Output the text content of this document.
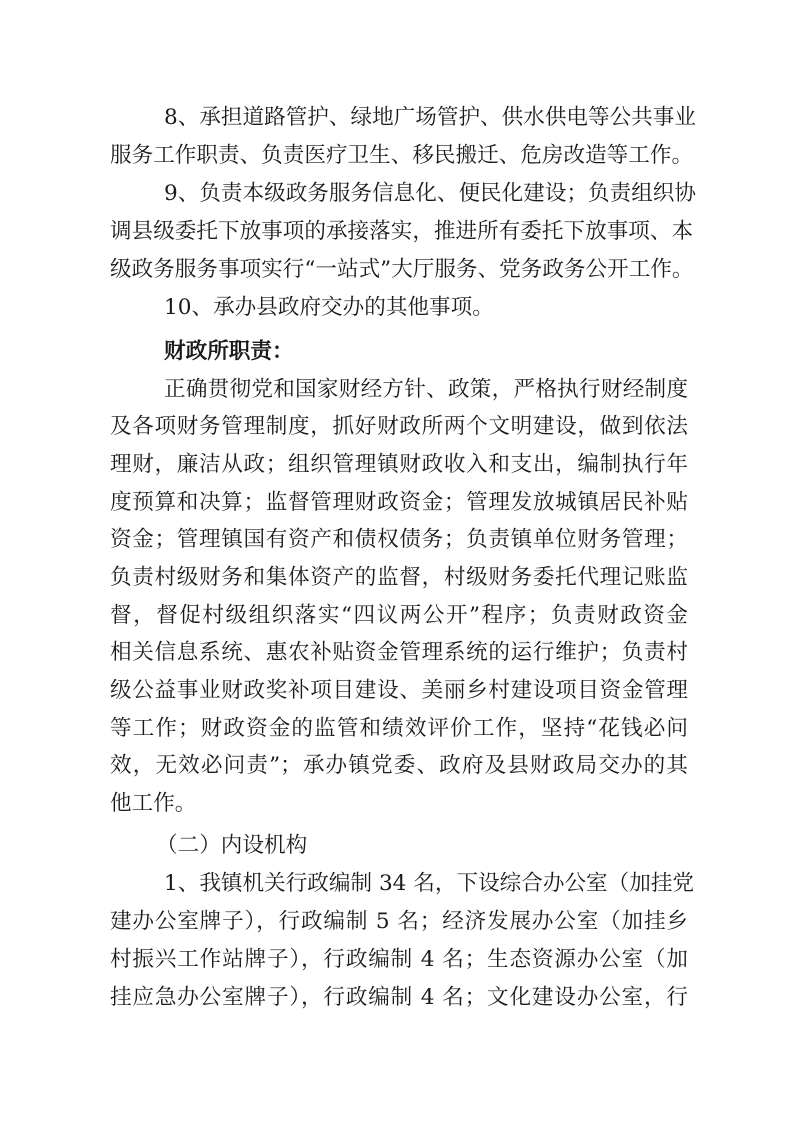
8、承担道路管护、绿地广场管护、供水供电等公共事业

服务工作职责、负责医疗卫生、移民搬迁、危房改造等工作。

9、负责本级政务服务信息化、便民化建设；负责组织协

调县级委托下放事项的承接落实，推进所有委托下放事项、本

级政务服务事项实行“一站式”大厅服务、党务政务公开工作。

10、承办县政府交办的其他事项。

财政所职责：

正确贯彻党和国家财经方针、政策，严格执行财经制度

及各项财务管理制度，抓好财政所两个文明建设，做到依法

理财，廉洁从政；组织管理镇财政收入和支出，编制执行年

度预算和决算；监督管理财政资金；管理发放城镇居民补贴

资金；管理镇国有资产和债权债务；负责镇单位财务管理；

负责村级财务和集体资产的监督，村级财务委托代理记账监

督，督促村级组织落实“四议两公开”程序；负责财政资金

相关信息系统、惠农补贴资金管理系统的运行维护；负责村

级公益事业财政奖补项目建设、美丽乡村建设项目资金管理

等工作；财政资金的监管和绩效评价工作，坚持“花钱必问

效，无效必问责”；承办镇党委、政府及县财政局交办的其

他工作。

（二）内设机构

1、我镇机关行政编制 34 名，下设综合办公室（加挂党

建办公室牌子），行政编制 5 名；经济发展办公室（加挂乡

村振兴工作站牌子），行政编制 4 名；生态资源办公室（加

挂应急办公室牌子），行政编制 4 名；文化建设办公室，行
